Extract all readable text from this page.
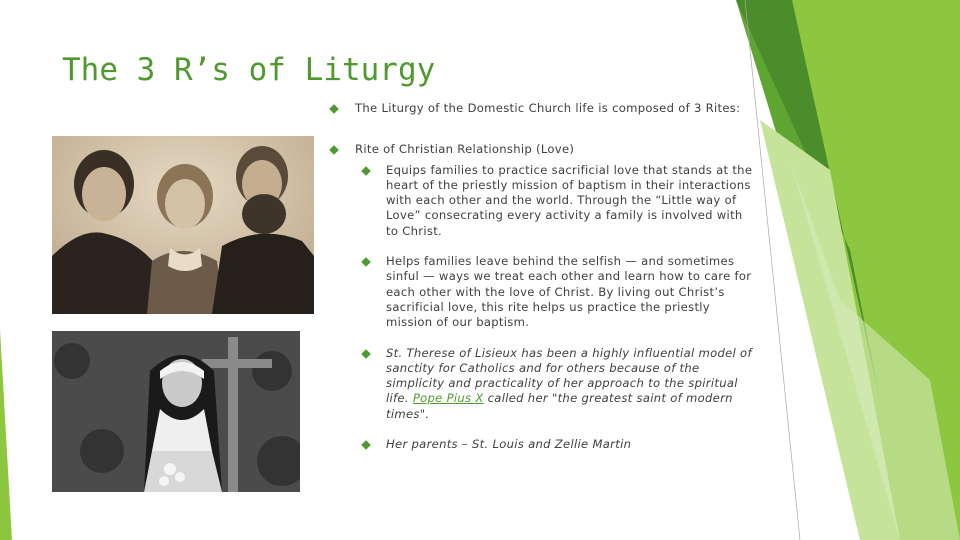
The 3 R’s of Liturgy
The Liturgy of the Domestic Church life is composed of 3 Rites:
Rite of Christian Relationship (Love)
Equips families to practice sacrificial love that stands at the heart of the priestly mission of baptism in their interactions with each other and the world. Through the “Little way of Love” consecrating every activity a family is involved with to Christ.
Helps families leave behind the selfish — and sometimes sinful — ways we treat each other and learn how to care for each other with the love of Christ. By living out Christ’s sacrificial love, this rite helps us practice the priestly mission of our baptism.
St. Therese of Lisieux has been a highly influential model of sanctity for Catholics and for others because of the simplicity and practicality of her approach to the spiritual life. Pope Pius X called her "the greatest saint of modern times".
Her parents – St. Louis and Zellie Martin
